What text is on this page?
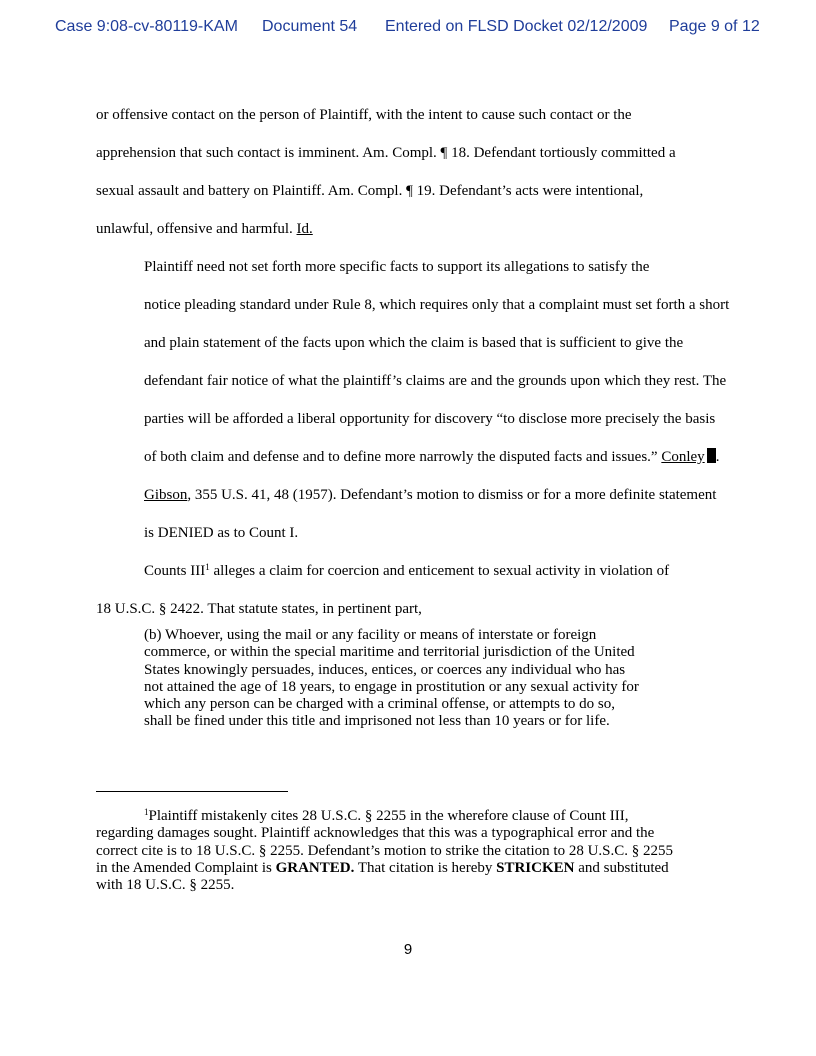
Case 9:08-cv-80119-KAM Document 54 Entered on FLSD Docket 02/12/2009 Page 9 of 12

or offensive contact on the person of Plaintiff, with the intent to cause such contact or the
apprehension that such contact is imminent. Am. Compl. ¶ 18. Defendant tortiously committed a
sexual assault and battery on Plaintiff. Am. Compl. ¶ 19. Defendant’s acts were intentional,
unlawful, offensive and harmful. Id.

Plaintiff need not set forth more specific facts to support its allegations to satisfy the
notice pleading standard under Rule 8, which requires only that a complaint must set forth a short
and plain statement of the facts upon which the claim is based that is sufficient to give the
defendant fair notice of what the plaintiff’s claims are and the grounds upon which they rest. The
parties will be afforded a liberal opportunity for discovery “to disclose more precisely the basis
of both claim and defense and to define more narrowly the disputed facts and issues.” Conley .
Gibson, 355 U.S. 41, 48 (1957). Defendant’s motion to dismiss or for a more definite statement
is DENIED as to Count I.

Counts III$^1$ alleges a claim for coercion and enticement to sexual activity in violation of
18 U.S.C. § 2422. That statute states, in pertinent part,

(b) Whoever, using the mail or any facility or means of interstate or foreign
commerce, or within the special maritime and territorial jurisdiction of the United
States knowingly persuades, induces, entices, or coerces any individual who has
not attained the age of 18 years, to engage in prostitution or any sexual activity for
which any person can be charged with a criminal offense, or attempts to do so,
shall be fined under this title and imprisoned not less than 10 years or for life.
$^1$Plaintiff mistakenly cites 28 U.S.C. § 2255 in the wherefore clause of Count III,
regarding damages sought. Plaintiff acknowledges that this was a typographical error and the
correct cite is to 18 U.S.C. § 2255. Defendant’s motion to strike the citation to 28 U.S.C. § 2255
in the Amended Complaint is GRANTED. That citation is hereby STRICKEN and substituted
with 18 U.S.C. § 2255.
9
